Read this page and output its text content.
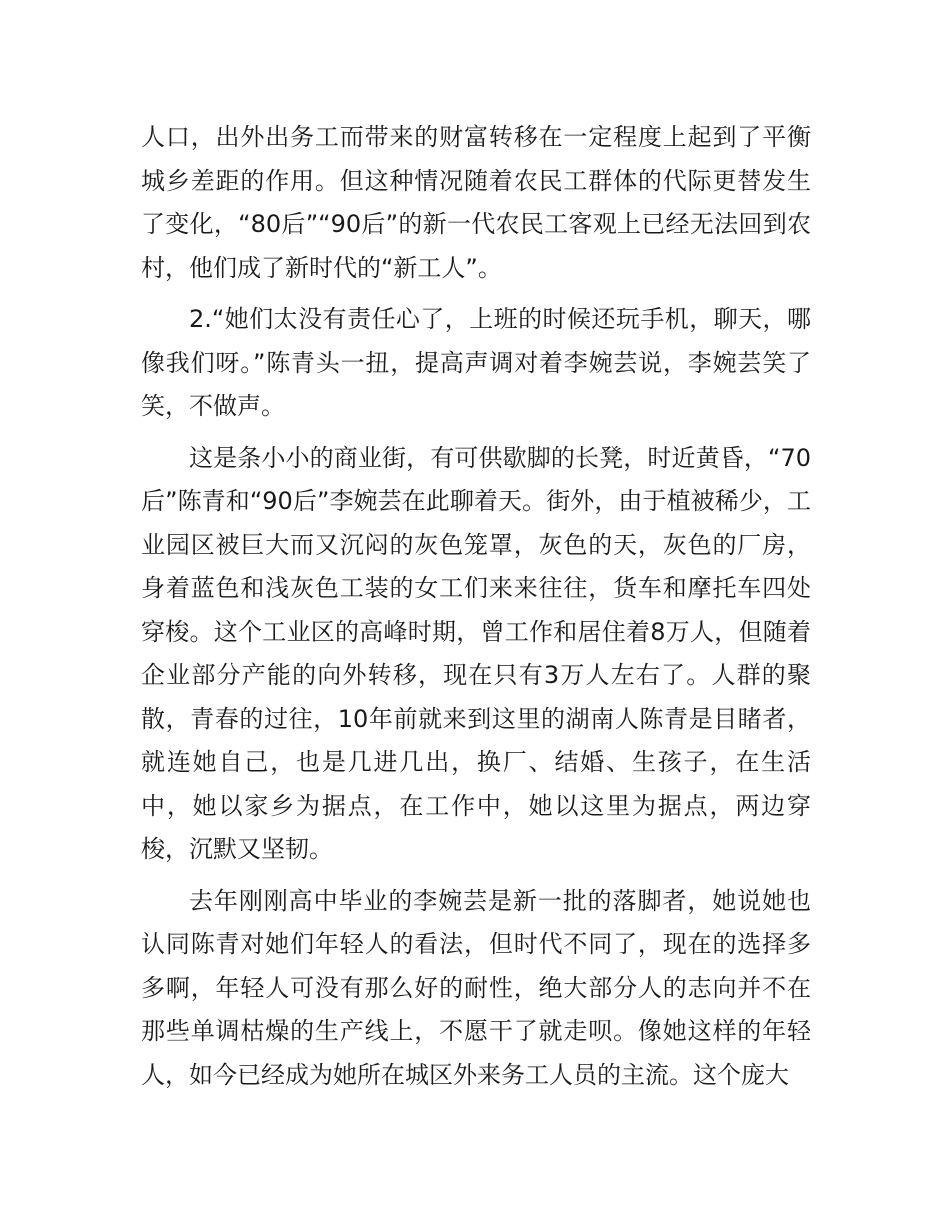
人口，出外出务工而带来的财富转移在一定程度上起到了平衡城乡差距的作用。但这种情况随着农民工群体的代际更替发生了变化，“80后”“90后”的新一代农民工客观上已经无法回到农村，他们成了新时代的“新工人”。

2.“她们太没有责任心了，上班的时候还玩手机，聊天，哪像我们呀。”陈青头一扭，提高声调对着李婉芸说，李婉芸笑了笑，不做声。

这是条小小的商业街，有可供歇脚的长凳，时近黄昏，“70后”陈青和“90后”李婉芸在此聊着天。街外，由于植被稀少，工业园区被巨大而又沉闷的灰色笼罩，灰色的天，灰色的厂房，身着蓝色和浅灰色工装的女工们来来往往，货车和摩托车四处穿梭。这个工业区的高峰时期，曾工作和居住着8万人，但随着企业部分产能的向外转移，现在只有3万人左右了。人群的聚散，青春的过往，10年前就来到这里的湖南人陈青是目睹者，就连她自己，也是几进几出，换厂、结婚、生孩子，在生活中，她以家乡为据点，在工作中，她以这里为据点，两边穿梭，沉默又坚韧。

去年刚刚高中毕业的李婉芸是新一批的落脚者，她说她也认同陈青对她们年轻人的看法，但时代不同了，现在的选择多多啊，年轻人可没有那么好的耐性，绝大部分人的志向并不在那些单调枯燥的生产线上，不愿干了就走呗。像她这样的年轻人，如今已经成为她所在城区外来务工人员的主流。这个庞大
